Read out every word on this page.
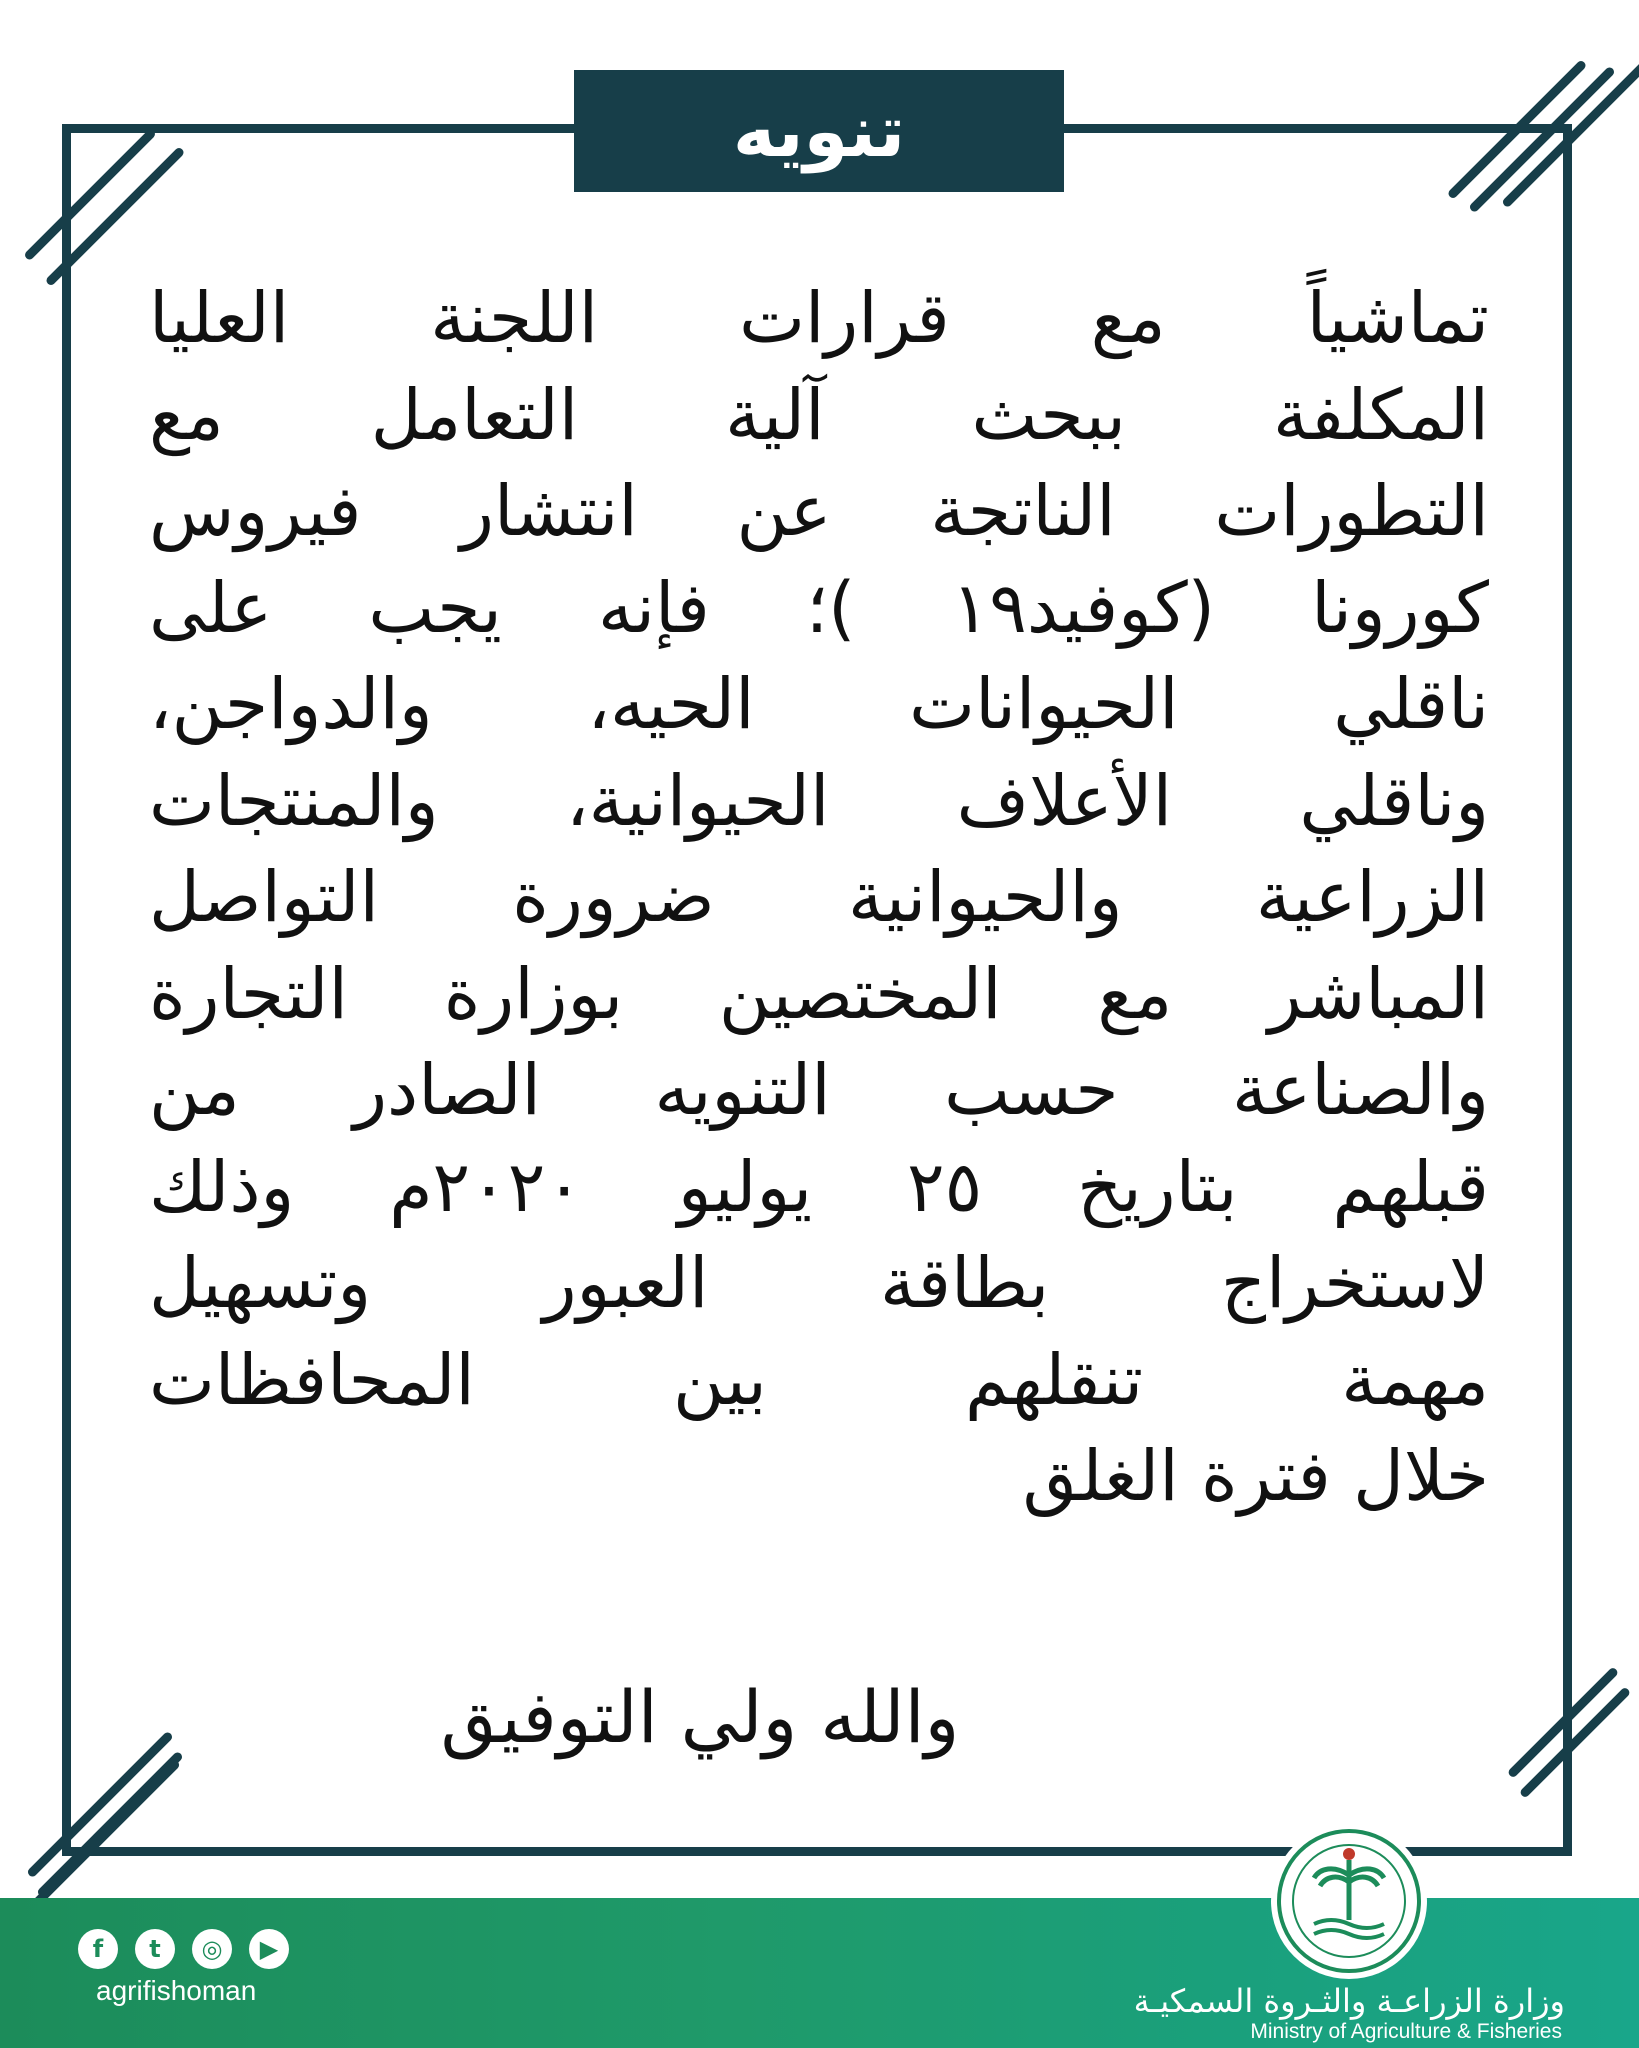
تنويه
تماشياً مع قرارات اللجنة العليا
المكلفة ببحث آلية التعامل مع
التطورات الناتجة عن انتشار فيروس
كورونا (كوفيد١٩ )؛ فإنه يجب على
ناقلي الحيوانات الحيه، والدواجن،
وناقلي الأعلاف الحيوانية، والمنتجات
الزراعية والحيوانية ضرورة التواصل
المباشر مع المختصين بوزارة التجارة
والصناعة حسب التنويه الصادر من
قبلهم بتاريخ ٢٥ يوليو ٢٠٢٠م وذلك
لاستخراج بطاقة العبور وتسهيل
مهمة تنقلهم بين المحافظات
خلال فترة الغلق
والله ولي التوفيق
f	t	◎	▶
agrifishoman	وزارة الزراعـة والثـروة السمكيـة
Ministry of Agriculture & Fisheries
